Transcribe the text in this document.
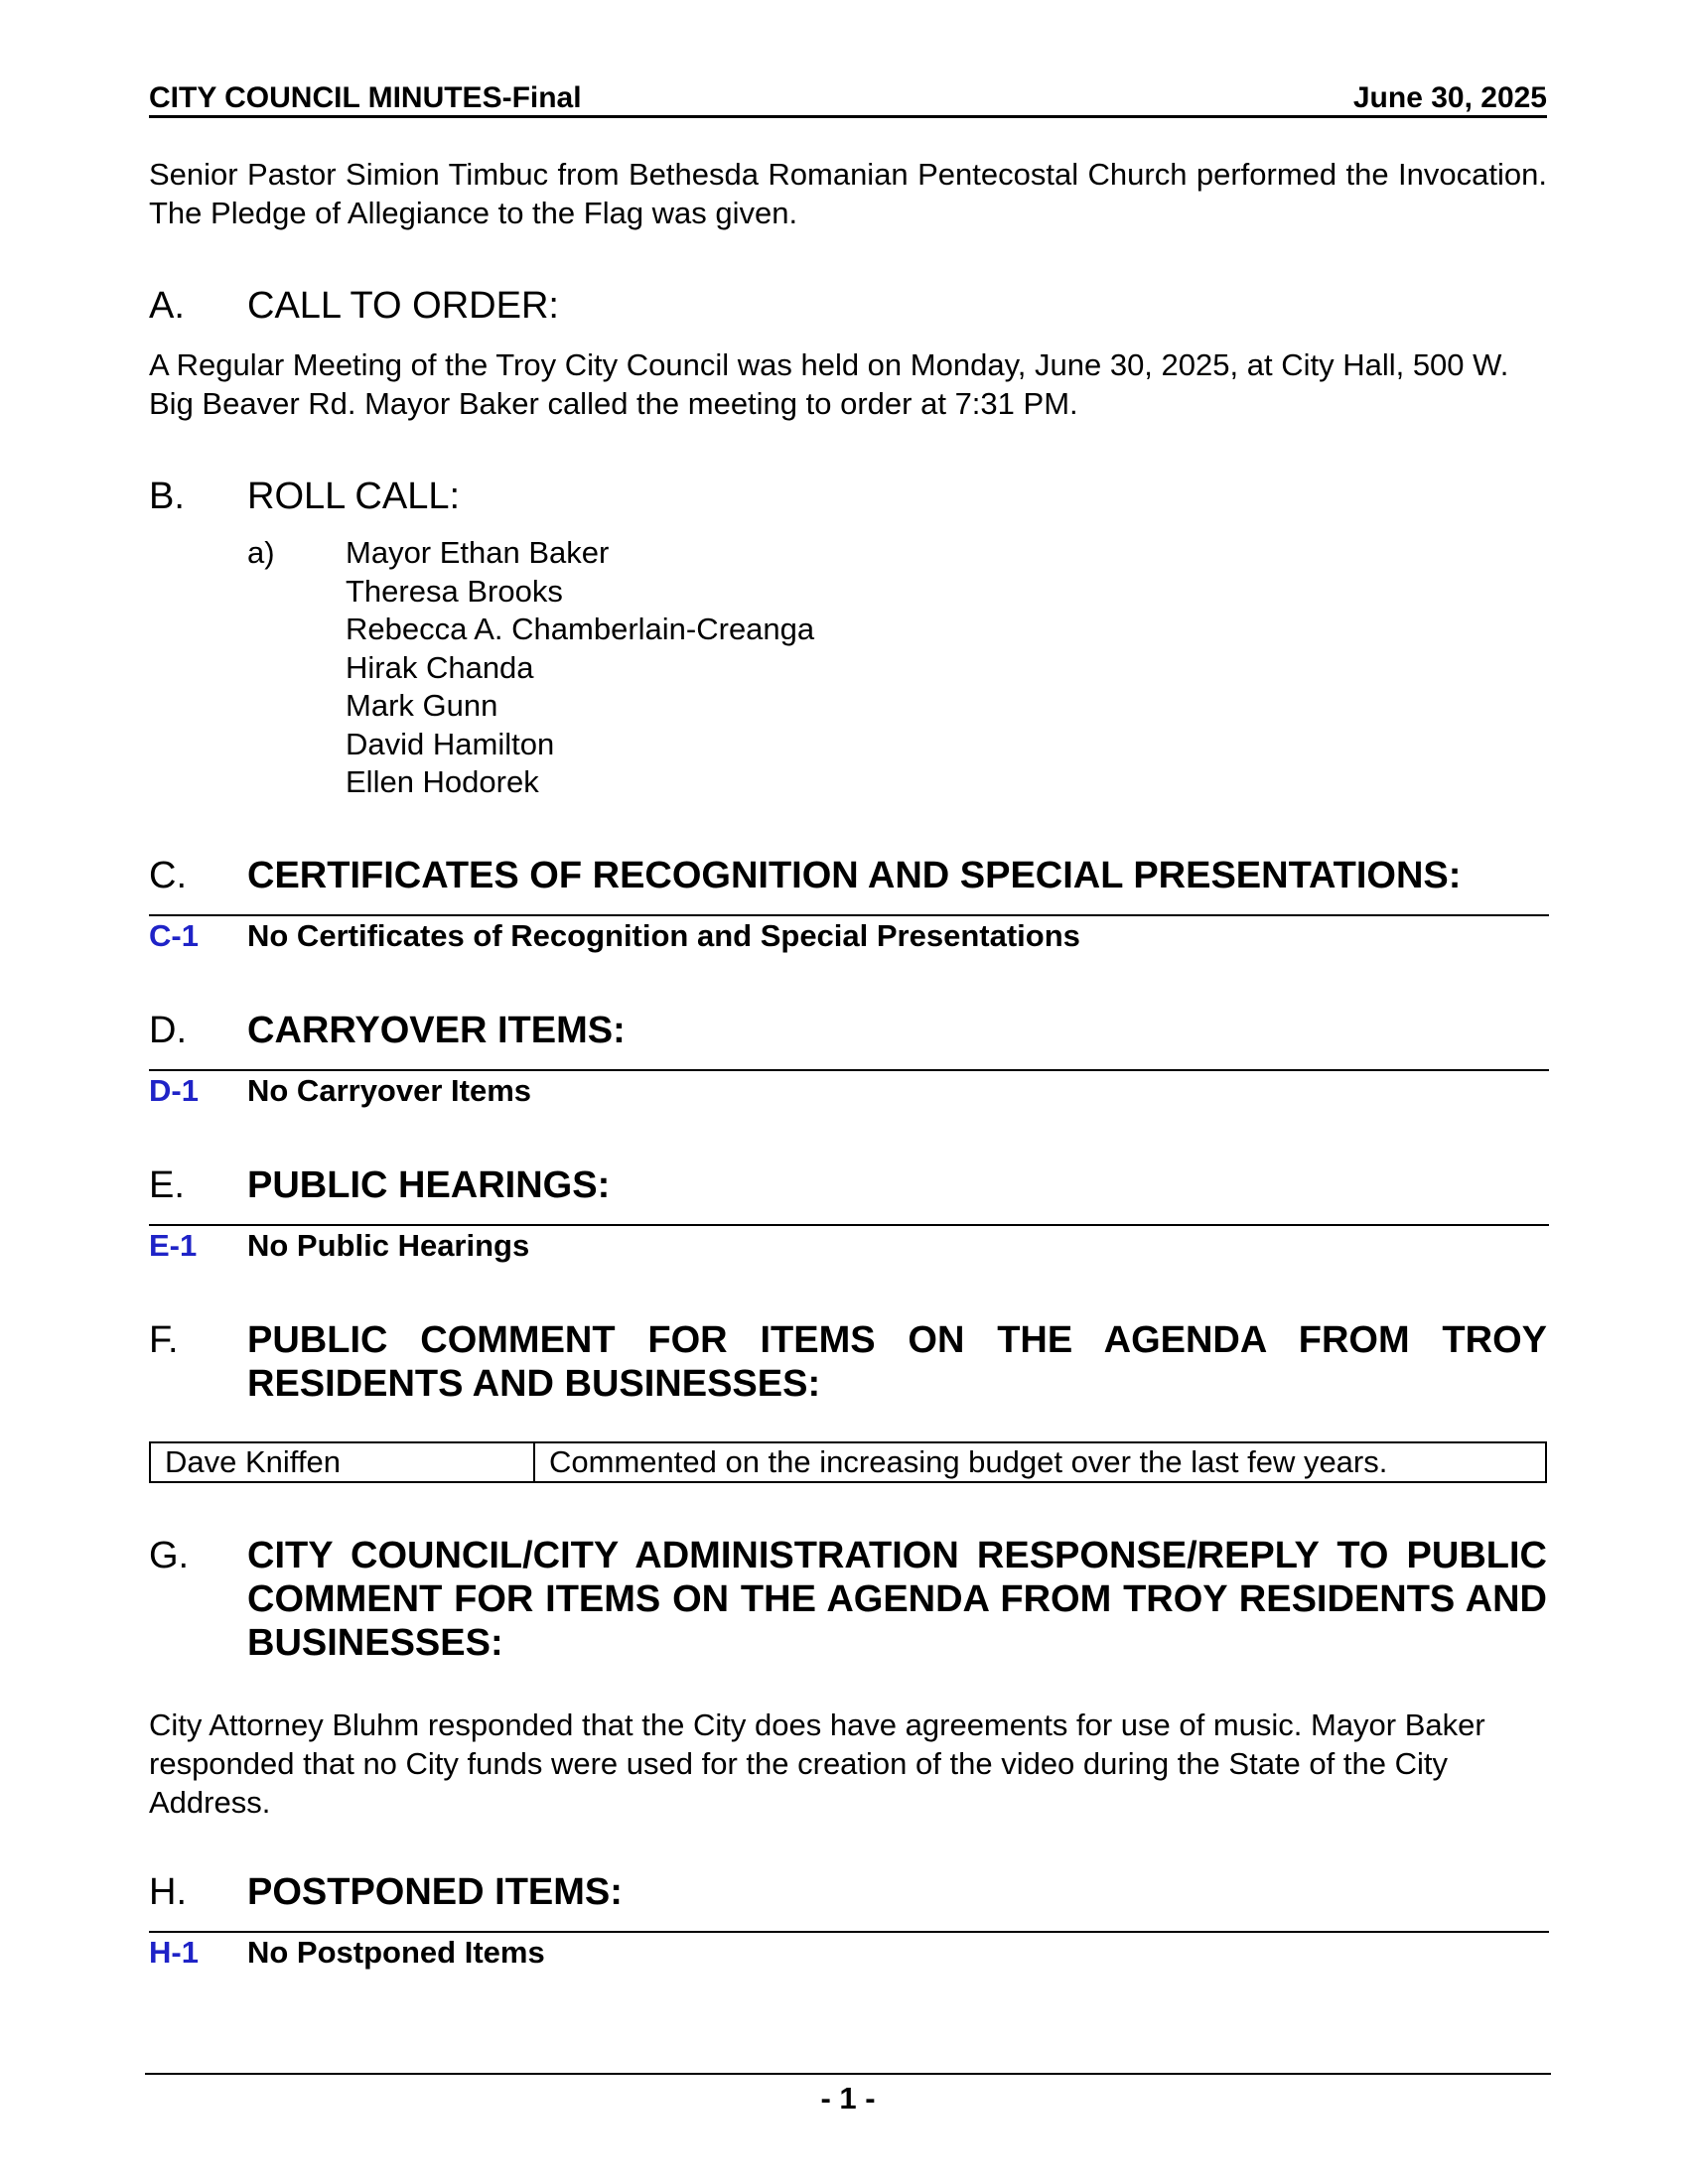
CITY COUNCIL MINUTES-Final	June 30, 2025
Senior Pastor Simion Timbuc from Bethesda Romanian Pentecostal Church performed the Invocation. The Pledge of Allegiance to the Flag was given.
A. CALL TO ORDER:
A Regular Meeting of the Troy City Council was held on Monday, June 30, 2025, at City Hall, 500 W. Big Beaver Rd. Mayor Baker called the meeting to order at 7:31 PM.
B. ROLL CALL:
a) Mayor Ethan Baker
Theresa Brooks
Rebecca A. Chamberlain-Creanga
Hirak Chanda
Mark Gunn
David Hamilton
Ellen Hodorek
C. CERTIFICATES OF RECOGNITION AND SPECIAL PRESENTATIONS:
C-1 No Certificates of Recognition and Special Presentations
D. CARRYOVER ITEMS:
D-1 No Carryover Items
E. PUBLIC HEARINGS:
E-1 No Public Hearings
F. PUBLIC COMMENT FOR ITEMS ON THE AGENDA FROM TROY RESIDENTS AND BUSINESSES:
Dave Kniffen	Commented on the increasing budget over the last few years.
G. CITY COUNCIL/CITY ADMINISTRATION RESPONSE/REPLY TO PUBLIC COMMENT FOR ITEMS ON THE AGENDA FROM TROY RESIDENTS AND BUSINESSES:
City Attorney Bluhm responded that the City does have agreements for use of music. Mayor Baker responded that no City funds were used for the creation of the video during the State of the City Address.
H. POSTPONED ITEMS:
H-1 No Postponed Items
- 1 -
